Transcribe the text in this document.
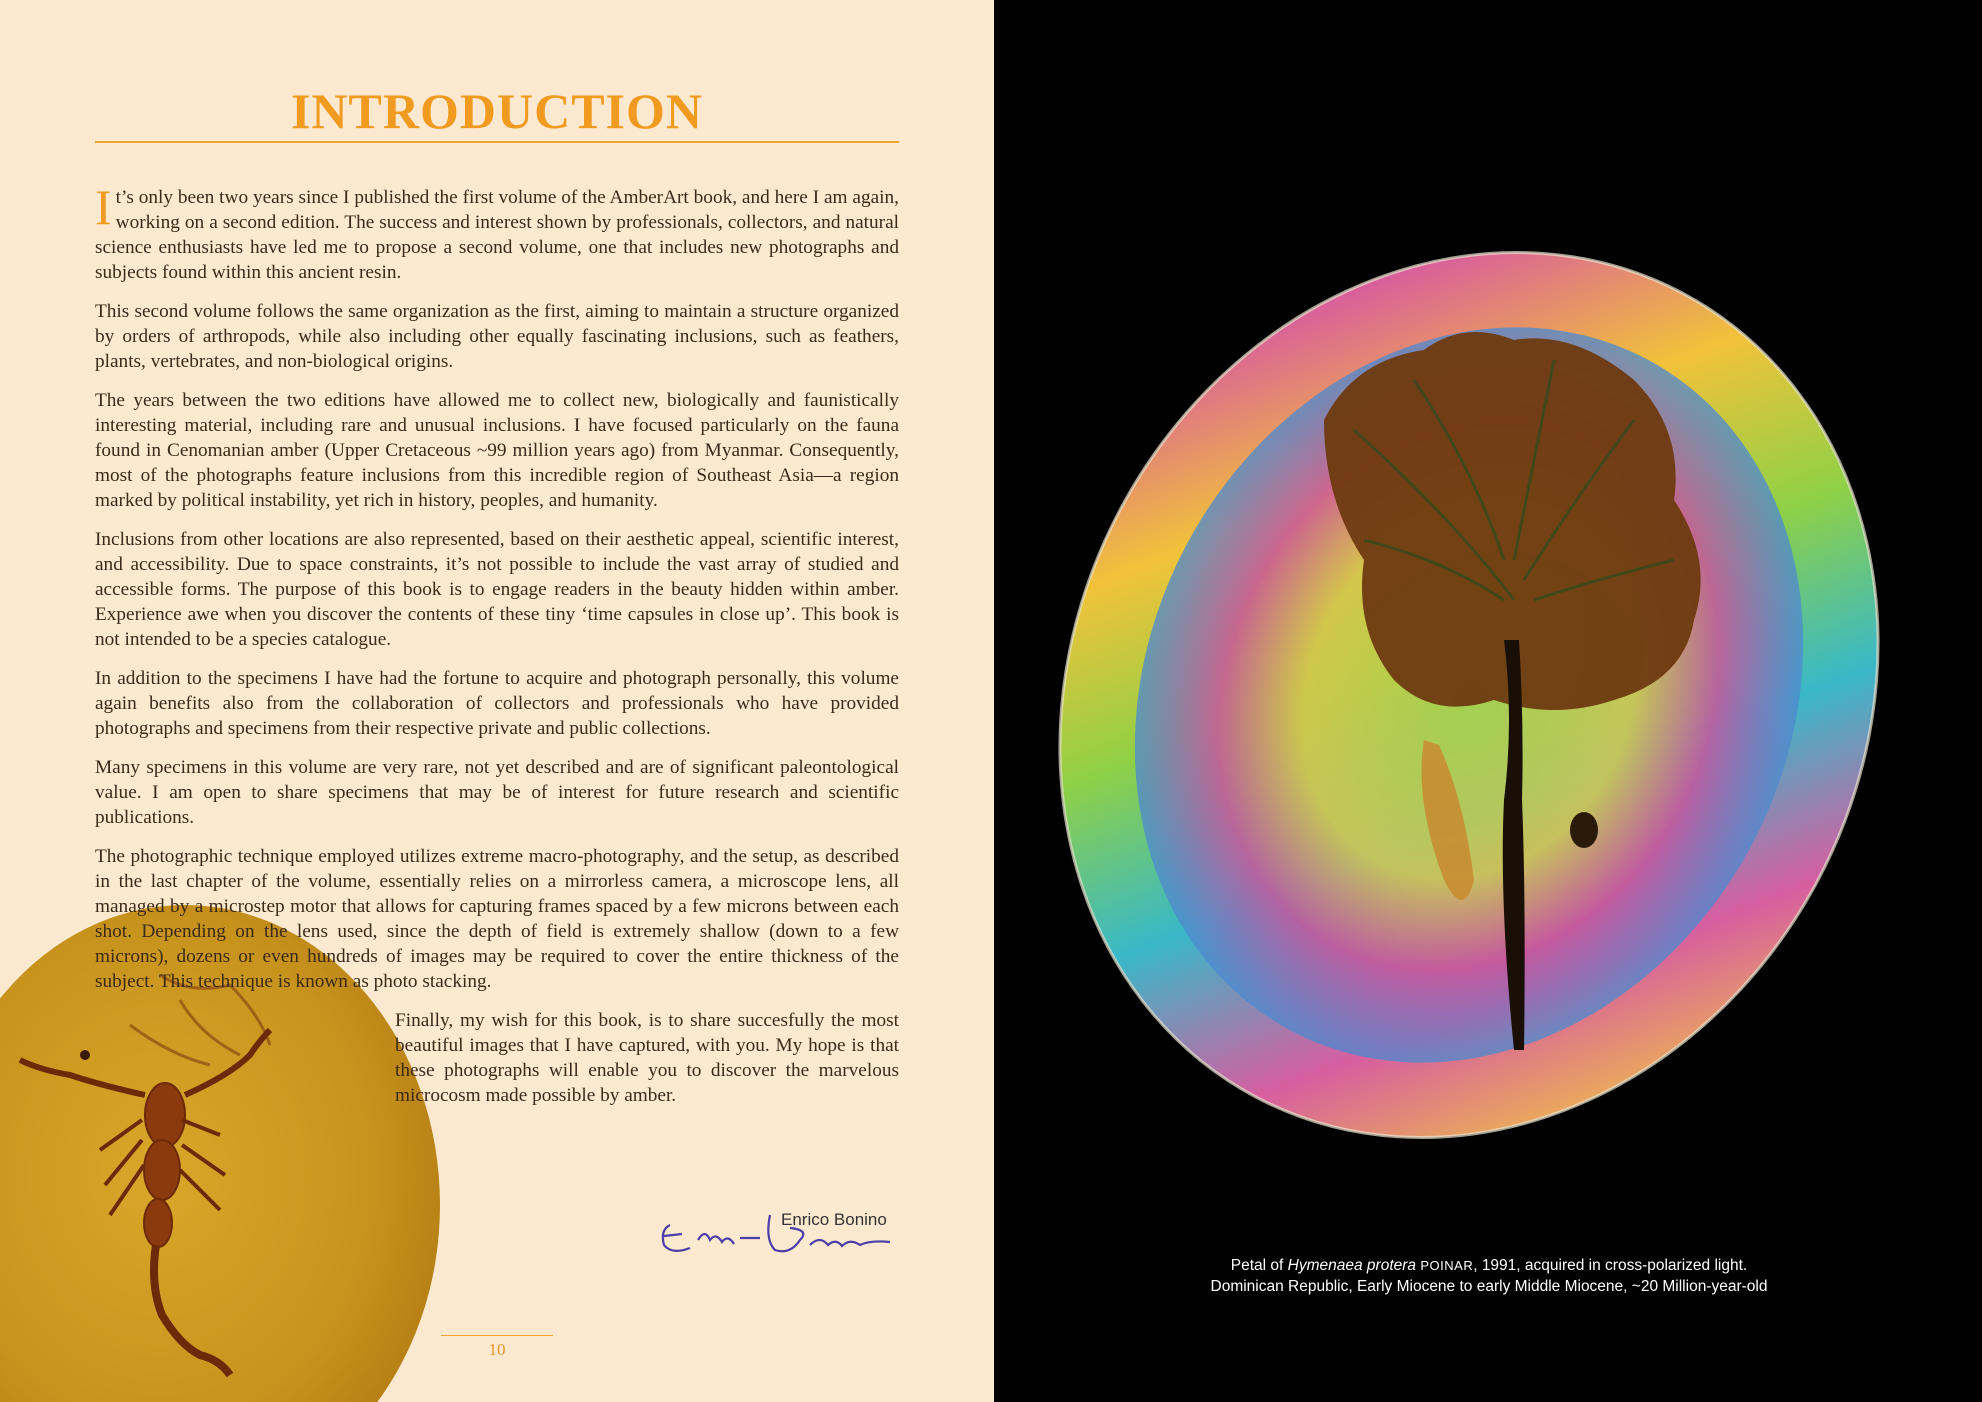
INTRODUCTION

It’s only been two years since I published the first volume of the AmberArt book, and here I am again, working on a second edition. The success and interest shown by professionals, collectors, and natural science enthusiasts have led me to propose a second volume, one that includes new photographs and subjects found within this ancient resin.

This second volume follows the same organization as the first, aiming to maintain a structure organized by orders of arthropods, while also including other equally fascinating inclusions, such as feathers, plants, vertebrates, and non-biological origins.

The years between the two editions have allowed me to collect new, biologically and faunistically interesting material, including rare and unusual inclusions. I have focused particularly on the fauna found in Cenomanian amber (Upper Cretaceous ~99 million years ago) from Myanmar. Consequently, most of the photographs feature inclusions from this incredible region of Southeast Asia—a region marked by political instability, yet rich in history, peoples, and humanity.

Inclusions from other locations are also represented, based on their aesthetic appeal, scientific interest, and accessibility. Due to space constraints, it’s not possible to include the vast array of studied and accessible forms. The purpose of this book is to engage readers in the beauty hidden within amber. Experience awe when you discover the contents of these tiny ‘time capsules in close up’. This book is not intended to be a species catalogue.

In addition to the specimens I have had the fortune to acquire and photograph personally, this volume again benefits also from the collaboration of collectors and professionals who have provided photographs and specimens from their respective private and public collections.

Many specimens in this volume are very rare, not yet described and are of significant paleontological value. I am open to share specimens that may be of interest for future research and scientific publications.

The photographic technique employed utilizes extreme macro-photography, and the setup, as described in the last chapter of the volume, essentially relies on a mirrorless camera, a microscope lens, all managed by a microstep motor that allows for capturing frames spaced by a few microns between each shot. Depending on the lens used, since the depth of field is extremely shallow (down to a few microns), dozens or even hundreds of images may be required to cover the entire thickness of the subject. This technique is known as photo stacking.

Finally, my wish for this book, is to share succesfully the most beautiful images that I have captured, with you. My hope is that these photographs will enable you to discover the marvelous microcosm made possible by amber.

Enrico Bonino
10
Petal of Hymenaea protera POINAR, 1991, acquired in cross-polarized light.
Dominican Republic, Early Miocene to early Middle Miocene, ~20 Million-year-old
